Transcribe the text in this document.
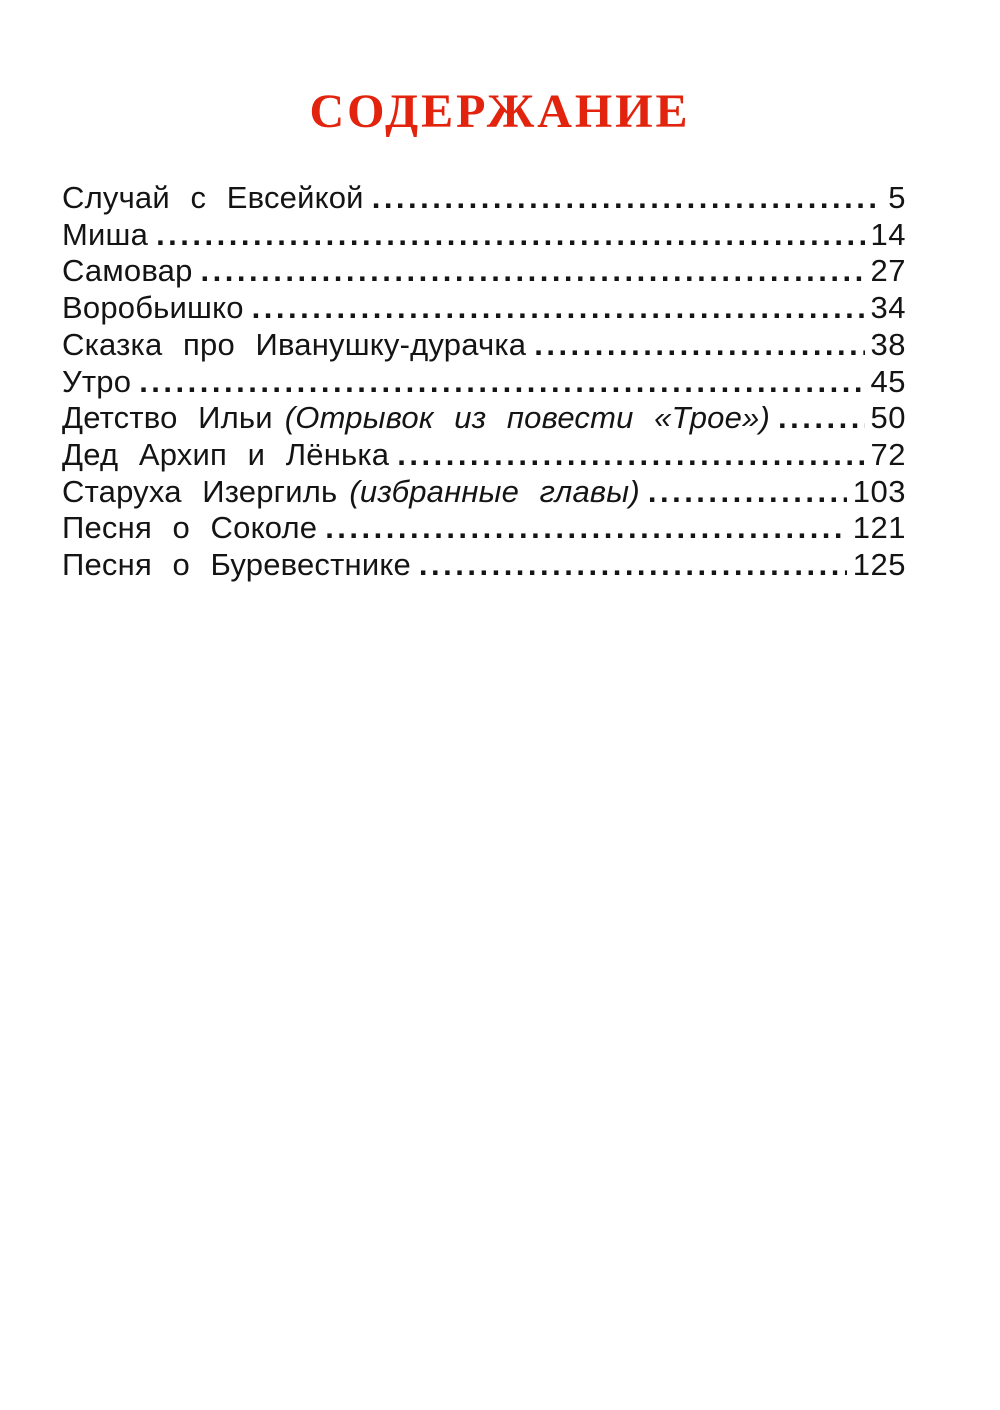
СОДЕРЖАНИЕ
Случай с Евсейкой .....	5
Миша .....	14
Самовар .....	27
Воробьишко .....	34
Сказка про Иванушку-дурачка .....	38
Утро .....	45
Детство Ильи (Отрывок из повести «Трое») .....	50
Дед Архип и Лёнька .....	72
Старуха Изергиль (избранные главы) .....	103
Песня о Соколе .....	121
Песня о Буревестнике .....	125
